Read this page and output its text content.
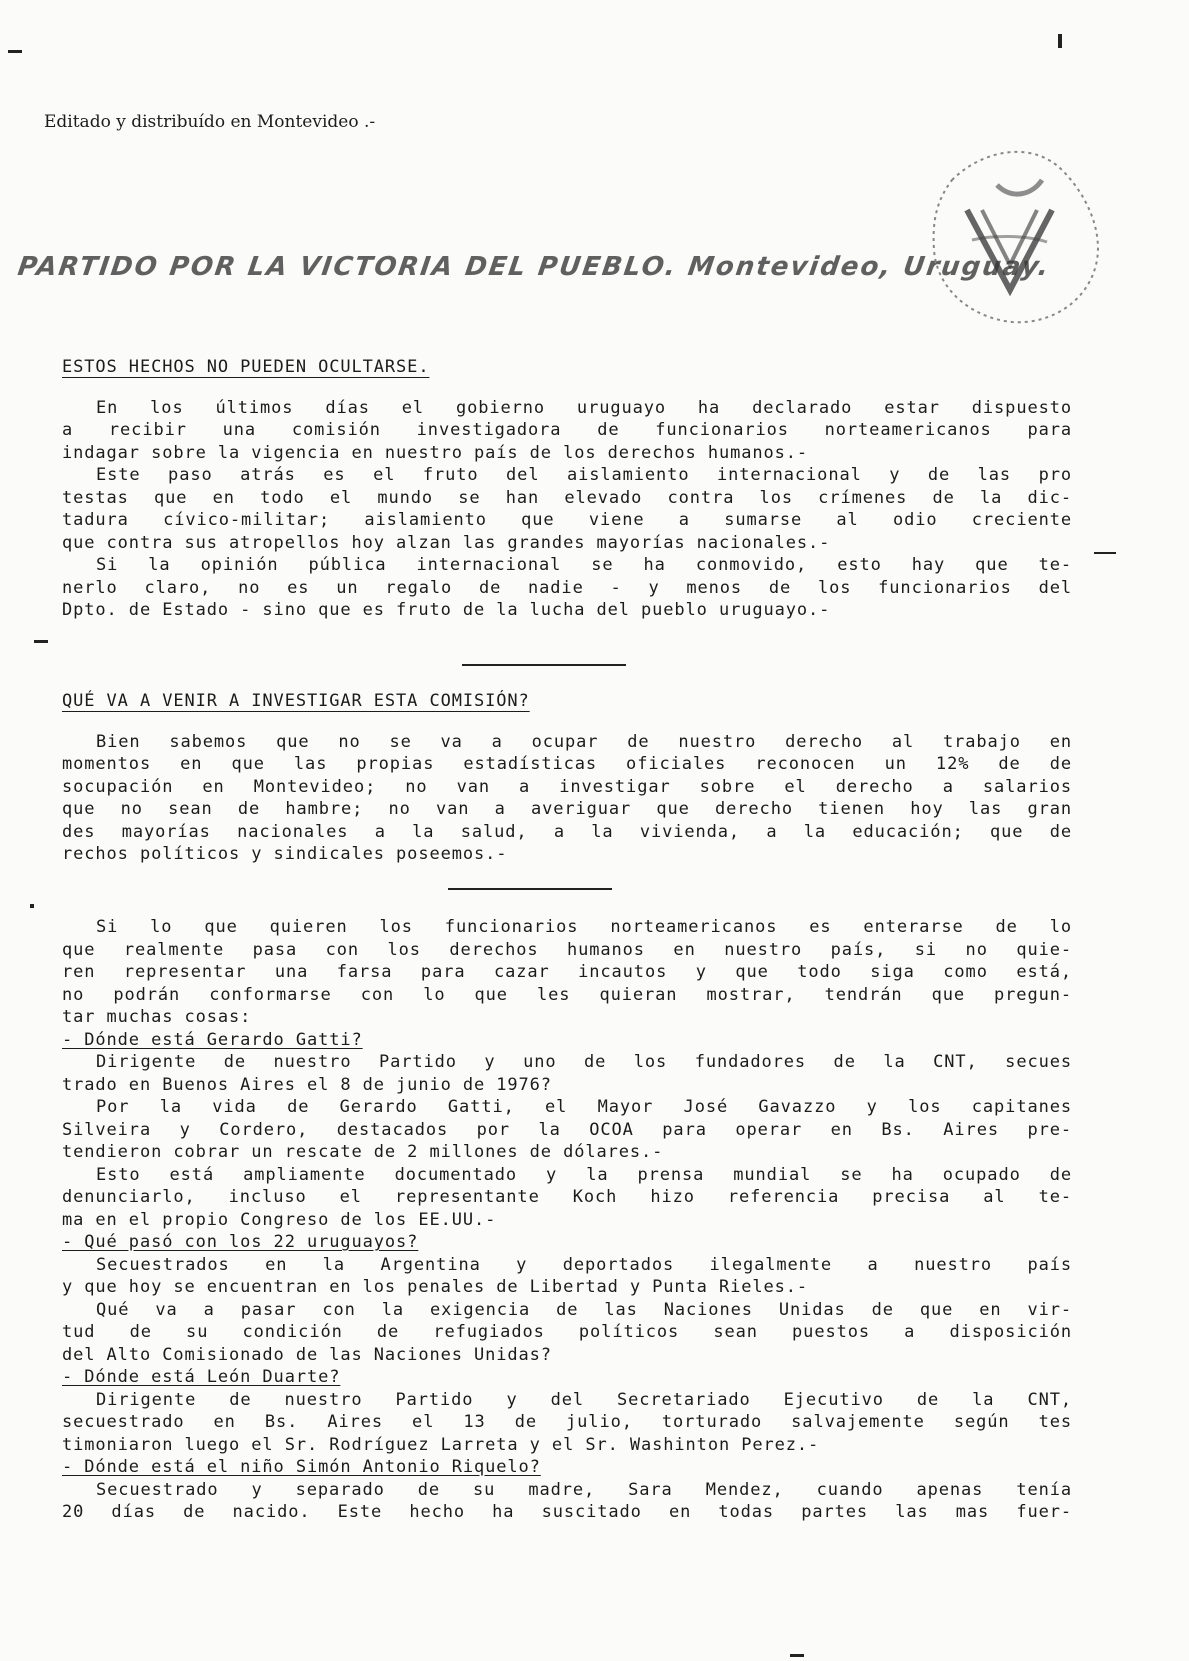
Editado y distribuído en Montevideo .-
PARTIDO POR LA VICTORIA DEL PUEBLO. Montevideo, Uruguay.
ESTOS HECHOS NO PUEDEN OCULTARSE.
En los últimos días el gobierno uruguayo ha declarado estar dispuesto
a recibir una comisión investigadora de funcionarios norteamericanos para
indagar sobre la vigencia en nuestro país de los derechos humanos.-
Este paso atrás es el fruto del aislamiento internacional y de las pro
testas que en todo el mundo se han elevado contra los crímenes de la dic-
tadura cívico-militar; aislamiento que viene a sumarse al odio creciente
que contra sus atropellos hoy alzan las grandes mayorías nacionales.-
Si la opinión pública internacional se ha conmovido, esto hay que te-
nerlo claro, no es un regalo de nadie - y menos de los funcionarios del
Dpto. de Estado - sino que es fruto de la lucha del pueblo uruguayo.-
QUÉ VA A VENIR A INVESTIGAR ESTA COMISIÓN?
Bien sabemos que no se va a ocupar de nuestro derecho al trabajo en
momentos en que las propias estadísticas oficiales reconocen un 12% de de
socupación en Montevideo; no van a investigar sobre el derecho a salarios
que no sean de hambre; no van a averiguar que derecho tienen hoy las gran
des mayorías nacionales a la salud, a la vivienda, a la educación; que de
rechos políticos y sindicales poseemos.-
Si lo que quieren los funcionarios norteamericanos es enterarse de lo
que realmente pasa con los derechos humanos en nuestro país, si no quie-
ren representar una farsa para cazar incautos y que todo siga como está,
no podrán conformarse con lo que les quieran mostrar, tendrán que pregun-
tar muchas cosas:
- Dónde está Gerardo Gatti?
Dirigente de nuestro Partido y uno de los fundadores de la CNT, secues
trado en Buenos Aires el 8 de junio de 1976?
Por la vida de Gerardo Gatti, el Mayor José Gavazzo y los capitanes
Silveira y Cordero, destacados por la OCOA para operar en Bs. Aires pre-
tendieron cobrar un rescate de 2 millones de dólares.-
Esto está ampliamente documentado y la prensa mundial se ha ocupado de
denunciarlo, incluso el representante Koch hizo referencia precisa al te-
ma en el propio Congreso de los EE.UU.-
- Qué pasó con los 22 uruguayos?
Secuestrados en la Argentina y deportados ilegalmente a nuestro país
y que hoy se encuentran en los penales de Libertad y Punta Rieles.-
Qué va a pasar con la exigencia de las Naciones Unidas de que en vir-
tud de su condición de refugiados políticos sean puestos a disposición
del Alto Comisionado de las Naciones Unidas?
- Dónde está León Duarte?
Dirigente de nuestro Partido y del Secretariado Ejecutivo de la CNT,
secuestrado en Bs. Aires el 13 de julio, torturado salvajemente según tes
timoniaron luego el Sr. Rodríguez Larreta y el Sr. Washinton Perez.-
- Dónde está el niño Simón Antonio Riquelo?
Secuestrado y separado de su madre, Sara Mendez, cuando apenas tenía
20 días de nacido. Este hecho ha suscitado en todas partes las mas fuer-
